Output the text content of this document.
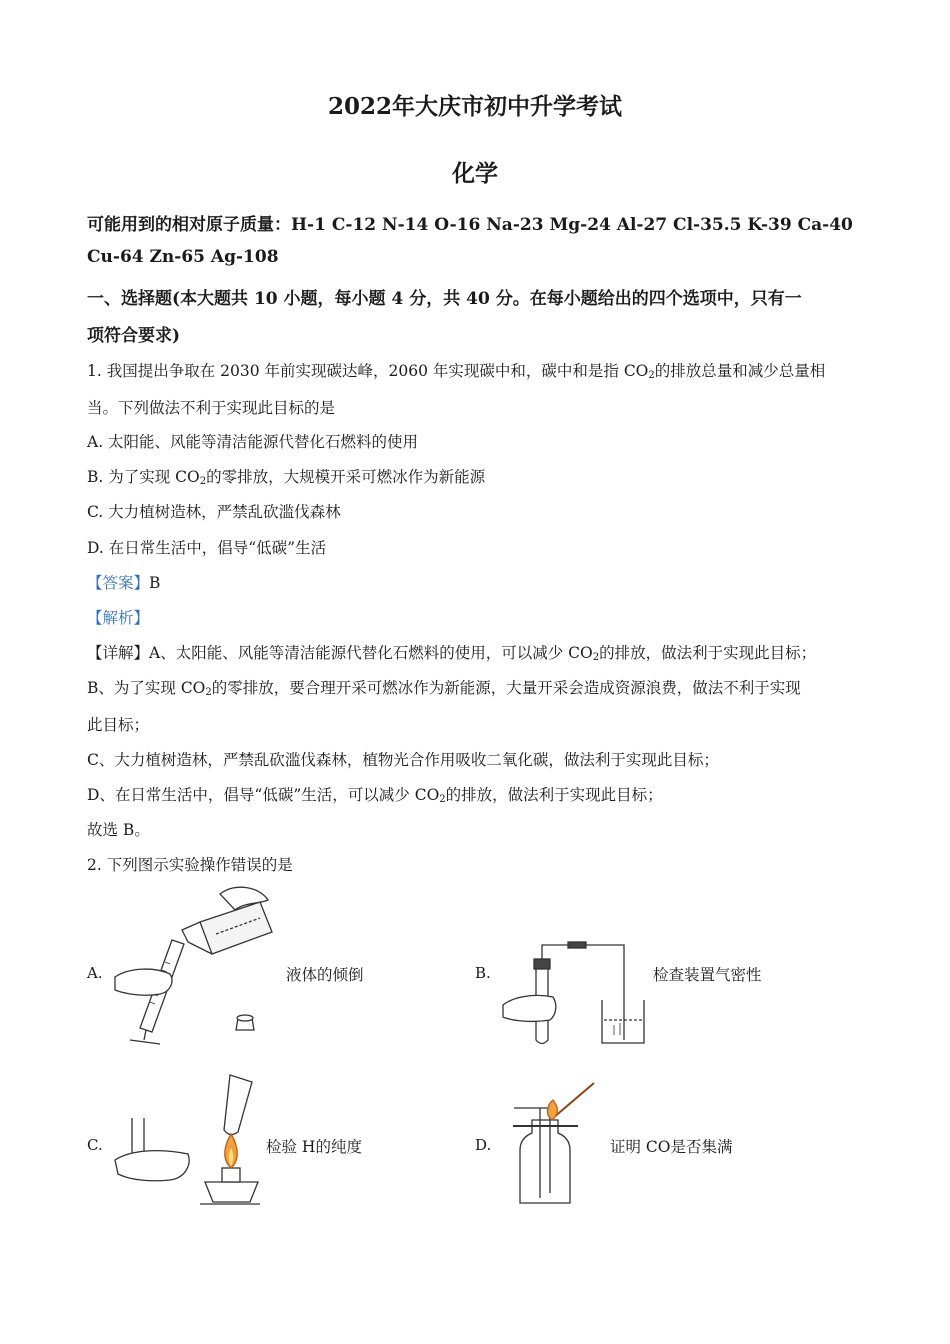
2022年大庆市初中升学考试
化学
可能用到的相对原子质量：H-1 C-12 N-14 O-16 Na-23 Mg-24 Al-27 Cl-35.5 K-39 Ca-40
Cu-64 Zn-65 Ag-108
一、选择题(本大题共 10 小题，每小题 4 分，共 40 分。在每小题给出的四个选项中，只有一
项符合要求)
1. 我国提出争取在 2030 年前实现碳达峰，2060 年实现碳中和，碳中和是指 $CO_2$的排放总量和减少总量相
当。下列做法不利于实现此目标的是
A. 太阳能、风能等清洁能源代替化石燃料的使用
B. 为了实现 $CO_2$的零排放，大规模开采可燃冰作为新能源
C. 大力植树造林，严禁乱砍滥伐森林
D. 在日常生活中，倡导“低碳”生活
【答案】B
【解析】
【详解】A、太阳能、风能等清洁能源代替化石燃料的使用，可以减少 $CO_2$的排放，做法利于实现此目标；
B、为了实现 $CO_2$的零排放，要合理开采可燃冰作为新能源，大量开采会造成资源浪费，做法不利于实现
此目标；
C、大力植树造林，严禁乱砍滥伐森林，植物光合作用吸收二氧化碳，做法利于实现此目标；
D、在日常生活中，倡导“低碳”生活，可以减少 $CO_2$的排放，做法利于实现此目标；
故选 B。
2. 下列图示实验操作错误的是
A.	液体的倾倒	B.	检查装置气密性
C.	检验 H的纯度	D.	证明 CO是否集满
